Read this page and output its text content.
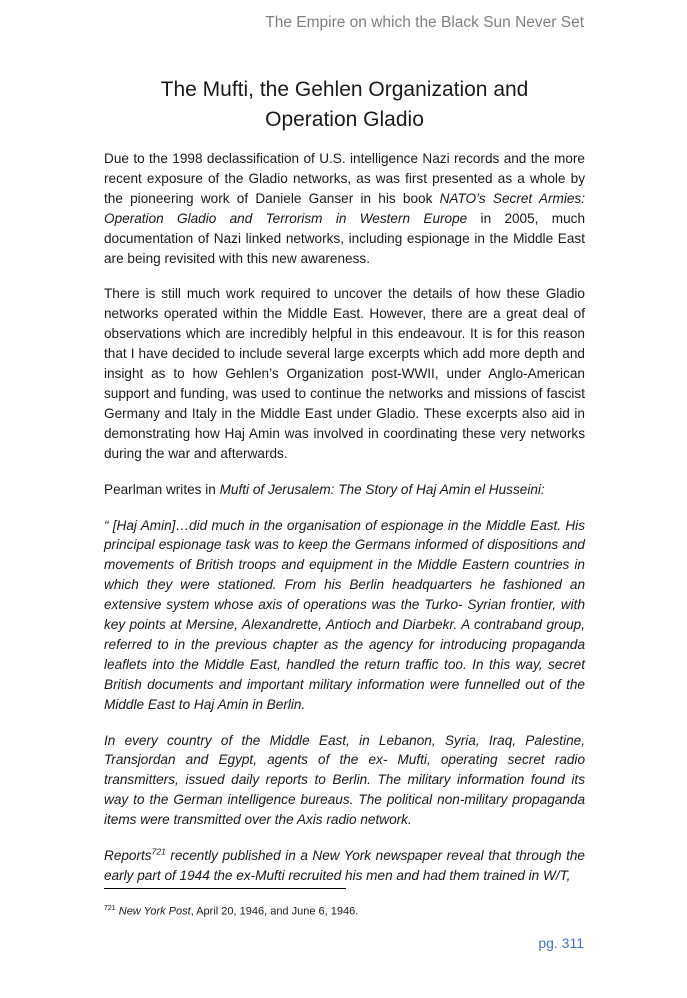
The Empire on which the Black Sun Never Set
The Mufti, the Gehlen Organization and
Operation Gladio

Due to the 1998 declassification of U.S. intelligence Nazi records and the more recent exposure of the Gladio networks, as was first presented as a whole by the pioneering work of Daniele Ganser in his book NATO’s Secret Armies: Operation Gladio and Terrorism in Western Europe in 2005, much documentation of Nazi linked networks, including espionage in the Middle East are being revisited with this new awareness.

There is still much work required to uncover the details of how these Gladio networks operated within the Middle East. However, there are a great deal of observations which are incredibly helpful in this endeavour. It is for this reason that I have decided to include several large excerpts which add more depth and insight as to how Gehlen’s Organization post-WWII, under Anglo-American support and funding, was used to continue the networks and missions of fascist Germany and Italy in the Middle East under Gladio. These excerpts also aid in demonstrating how Haj Amin was involved in coordinating these very networks during the war and afterwards.

Pearlman writes in Mufti of Jerusalem: The Story of Haj Amin el Husseini:

“ [Haj Amin]…did much in the organisation of espionage in the Middle East. His principal espionage task was to keep the Germans informed of dispositions and movements of British troops and equipment in the Middle Eastern countries in which they were stationed. From his Berlin headquarters he fashioned an extensive system whose axis of operations was the Turko- Syrian frontier, with key points at Mersine, Alexandrette, Antioch and Diarbekr. A contraband group, referred to in the previous chapter as the agency for introducing propaganda leaflets into the Middle East, handled the return traffic too. In this way, secret British documents and important military information were funnelled out of the Middle East to Haj Amin in Berlin.

In every country of the Middle East, in Lebanon, Syria, Iraq, Palestine, Transjordan and Egypt, agents of the ex- Mufti, operating secret radio transmitters, issued daily reports to Berlin. The military information found its way to the German intelligence bureaus. The political non-military propaganda items were transmitted over the Axis radio network.

Reports$^{721}$ recently published in a New York newspaper reveal that through the early part of 1944 the ex-Mufti recruited his men and had them trained in W/T,

$^{721}$ New York Post, April 20, 1946, and June 6, 1946.
pg. 311
